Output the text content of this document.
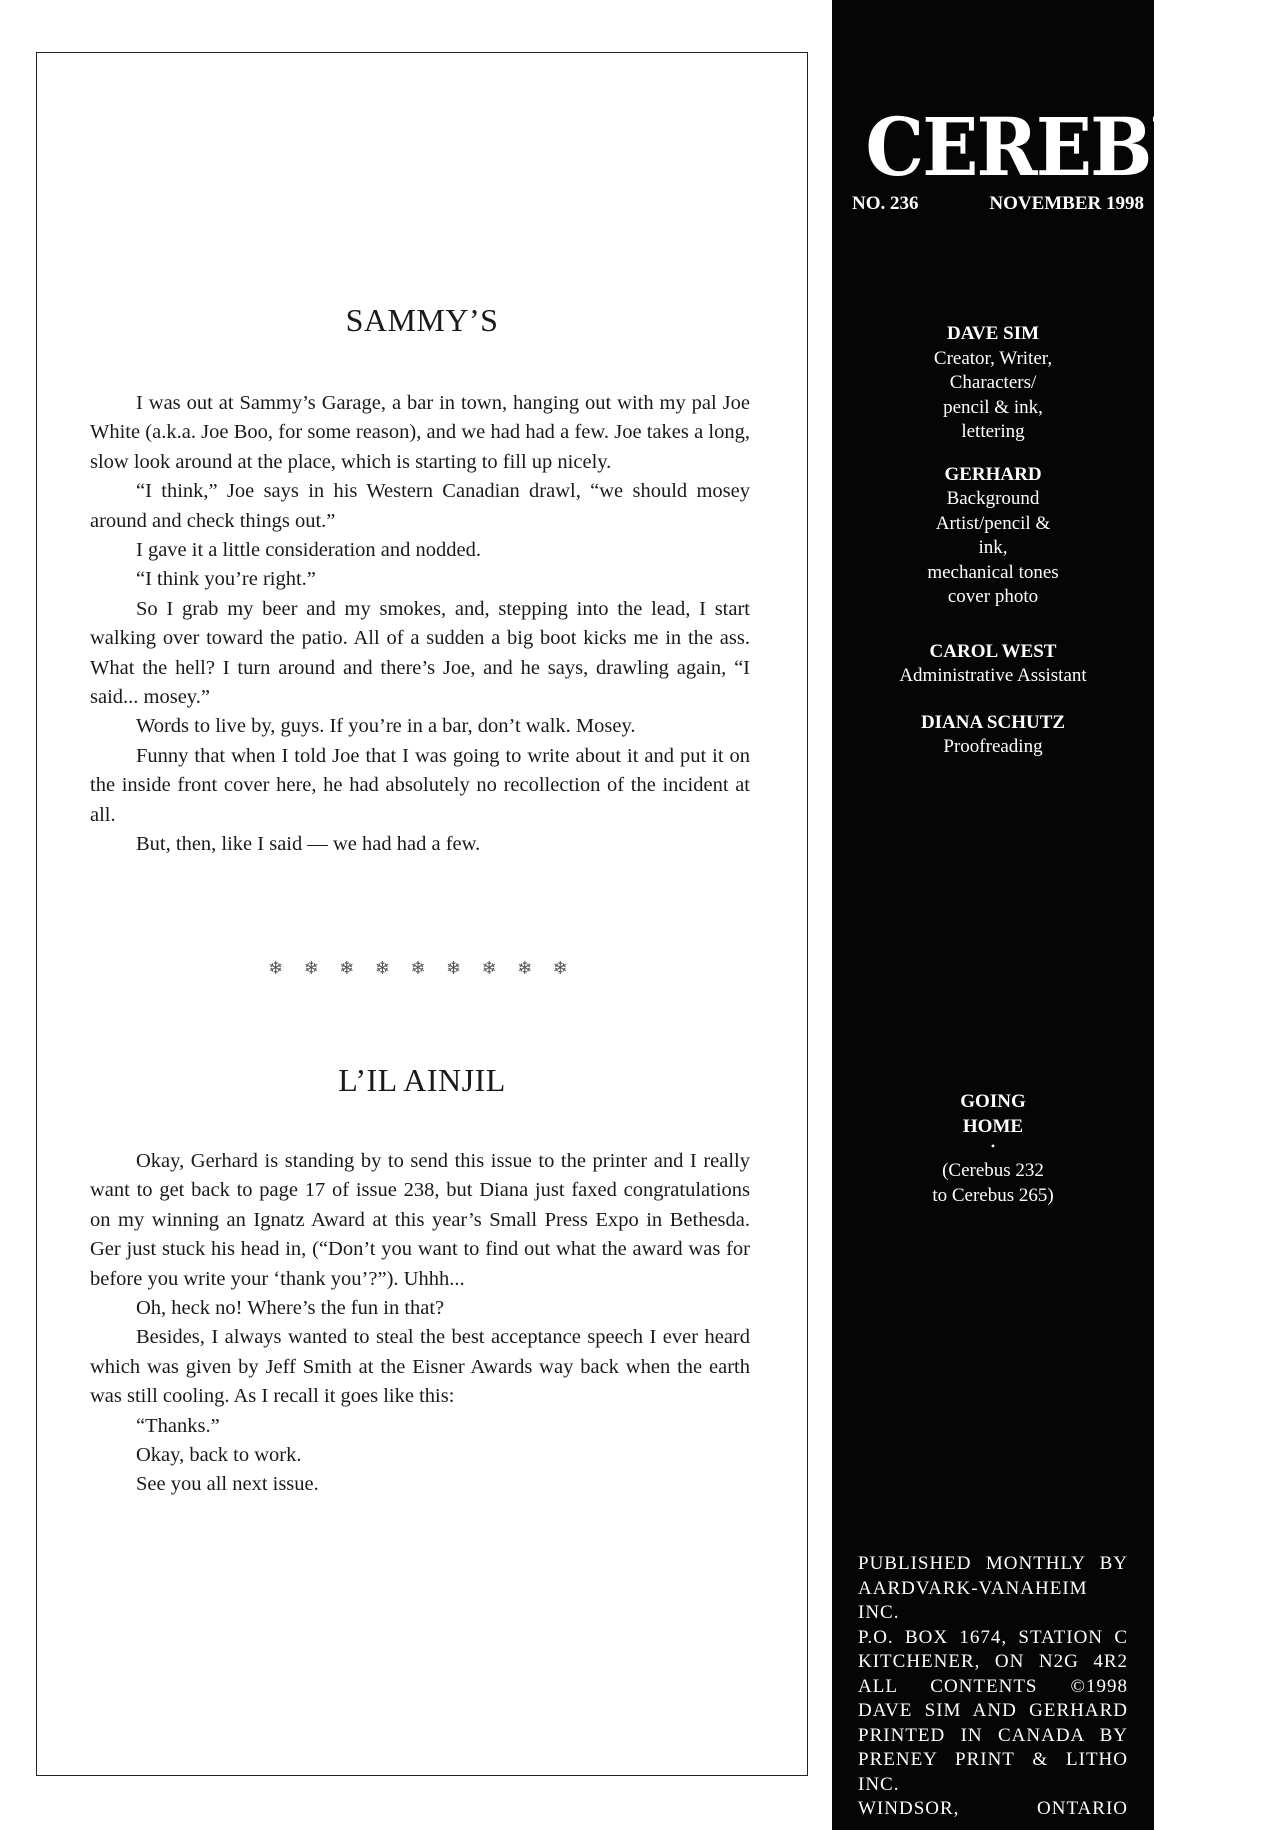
SAMMY’S

I was out at Sammy’s Garage, a bar in town, hanging out with my pal Joe White (a.k.a. Joe Boo, for some reason), and we had had a few. Joe takes a long, slow look around at the place, which is starting to fill up nicely.

“I think,” Joe says in his Western Canadian drawl, “we should mosey around and check things out.”

I gave it a little consideration and nodded.

“I think you’re right.”

So I grab my beer and my smokes, and, stepping into the lead, I start walking over toward the patio. All of a sudden a big boot kicks me in the ass. What the hell? I turn around and there’s Joe, and he says, drawling again, “I said... mosey.”

Words to live by, guys. If you’re in a bar, don’t walk. Mosey.

Funny that when I told Joe that I was going to write about it and put it on the inside front cover here, he had absolutely no recollection of the incident at all.

But, then, like I said — we had had a few.

❄ ❄ ❄ ❄ ❄ ❄ ❄ ❄ ❄
L’IL AINJIL

Okay, Gerhard is standing by to send this issue to the printer and I really want to get back to page 17 of issue 238, but Diana just faxed congratulations on my winning an Ignatz Award at this year’s Small Press Expo in Bethesda. Ger just stuck his head in, (“Don’t you want to find out what the award was for before you write your ‘thank you’?”). Uhhh...

Oh, heck no! Where’s the fun in that?

Besides, I always wanted to steal the best acceptance speech I ever heard which was given by Jeff Smith at the Eisner Awards way back when the earth was still cooling. As I recall it goes like this:

“Thanks.”

Okay, back to work.

See you all next issue.

CEREBUS
NO. 236	NOVEMBER 1998
DAVE SIM
Creator, Writer,
Characters/
pencil & ink,
lettering
GERHARD
Background
Artist/pencil &
ink,
mechanical tones
cover photo
CAROL WEST
Administrative Assistant
DIANA SCHUTZ
Proofreading
GOING
HOME
•
(Cerebus 232
to Cerebus 265)
PUBLISHED MONTHLY BY
AARDVARK-VANAHEIM INC.
P.O. BOX 1674, STATION C
KITCHENER, ON N2G 4R2
ALL CONTENTS ©1998
DAVE SIM AND GERHARD
PRINTED IN CANADA BY
PRENEY PRINT & LITHO INC.
WINDSOR, ONTARIO
